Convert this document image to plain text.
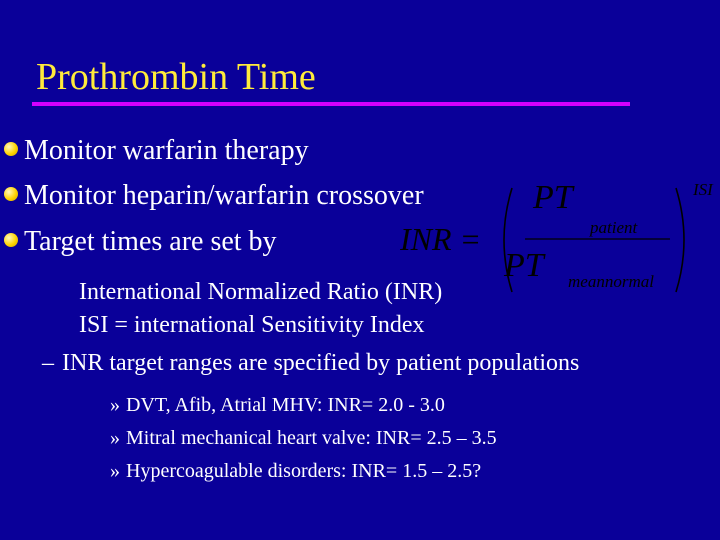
Prothrombin Time
Monitor warfarin therapy
Monitor heparin/warfarin crossover
Target times are set by
International Normalized Ratio (INR)
ISI = international Sensitivity Index
– INR target ranges are specified by patient populations
» DVT, Afib, Atrial MHV: INR= 2.0 - 3.0
» Mitral mechanical heart valve: INR= 2.5 – 3.5
» Hypercoagulable disorders: INR= 1.5 – 2.5?
INR =
PT
patient
PT meannormal
ISI
